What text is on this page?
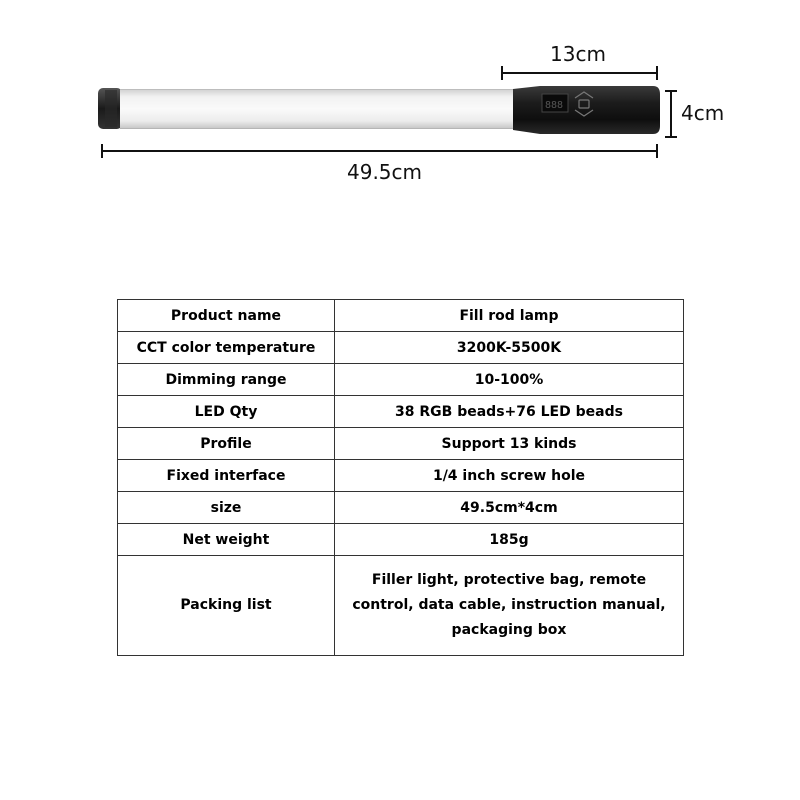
13cm
4cm
888
49.5cm
Product name	Fill rod lamp
CCT color temperature	3200K-5500K
Dimming range	10-100%
LED Qty	38 RGB beads+76 LED beads
Profile	Support 13 kinds
Fixed interface	1/4 inch screw hole
size	49.5cm*4cm
Net weight	185g
Packing list	Filler light, protective bag, remote
control, data cable, instruction manual,
packaging box
